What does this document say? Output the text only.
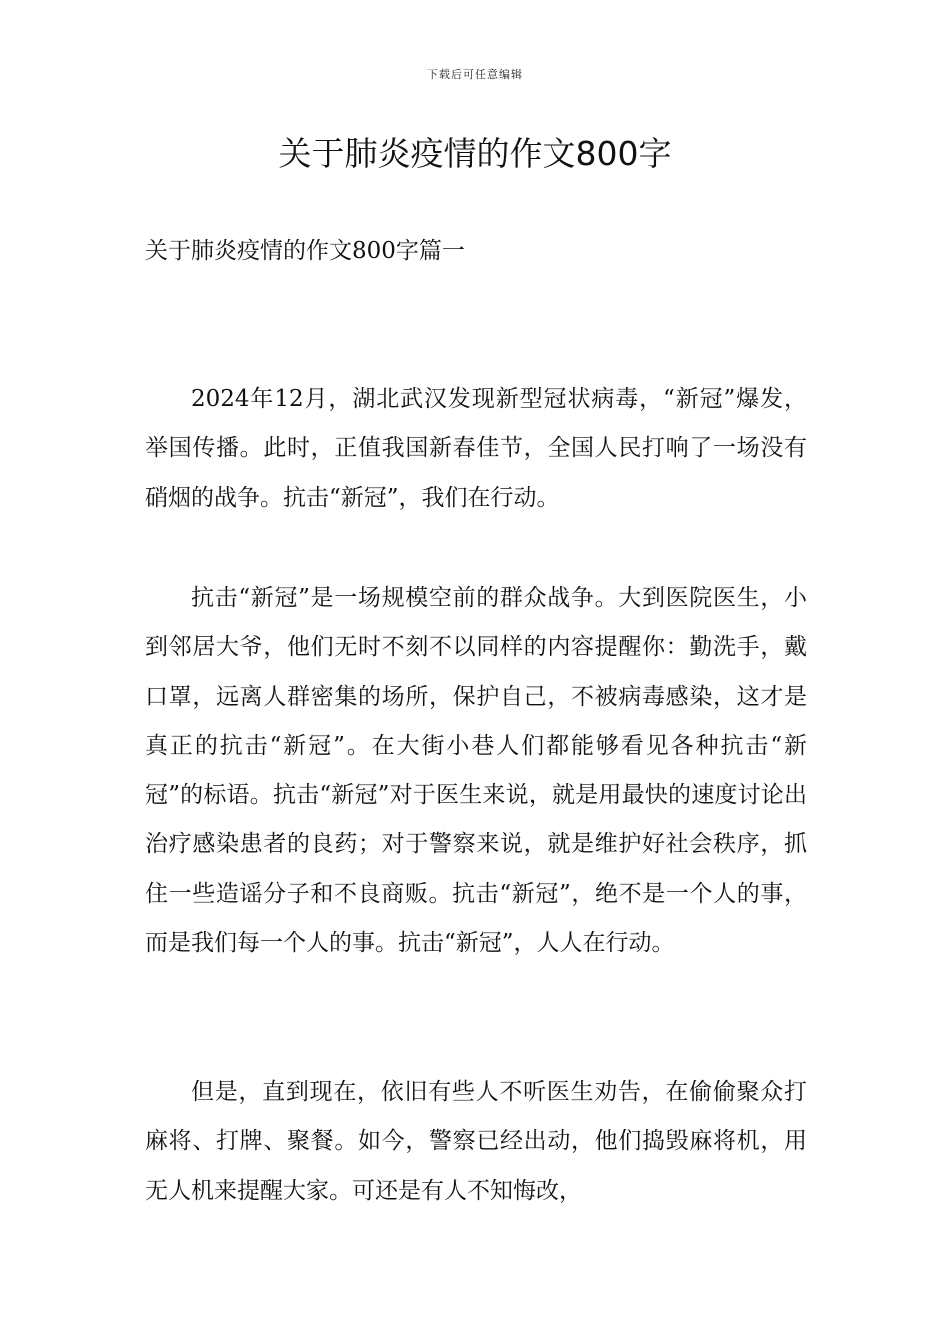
下载后可任意编辑
关于肺炎疫情的作文800字
关于肺炎疫情的作文800字篇一

2024年12月，湖北武汉发现新型冠状病毒，“新冠”爆发，举国传播。此时，正值我国新春佳节，全国人民打响了一场没有硝烟的战争。抗击“新冠”，我们在行动。

抗击“新冠”是一场规模空前的群众战争。大到医院医生，小到邻居大爷，他们无时不刻不以同样的内容提醒你：勤洗手，戴口罩，远离人群密集的场所，保护自己，不被病毒感染，这才是真正的抗击“新冠”。在大街小巷人们都能够看见各种抗击“新冠”的标语。抗击“新冠”对于医生来说，就是用最快的速度讨论出治疗感染患者的良药；对于警察来说，就是维护好社会秩序，抓住一些造谣分子和不良商贩。抗击“新冠”，绝不是一个人的事，而是我们每一个人的事。抗击“新冠”，人人在行动。

但是，直到现在，依旧有些人不听医生劝告，在偷偷聚众打麻将、打牌、聚餐。如今，警察已经出动，他们捣毁麻将机，用无人机来提醒大家。可还是有人不知悔改，
